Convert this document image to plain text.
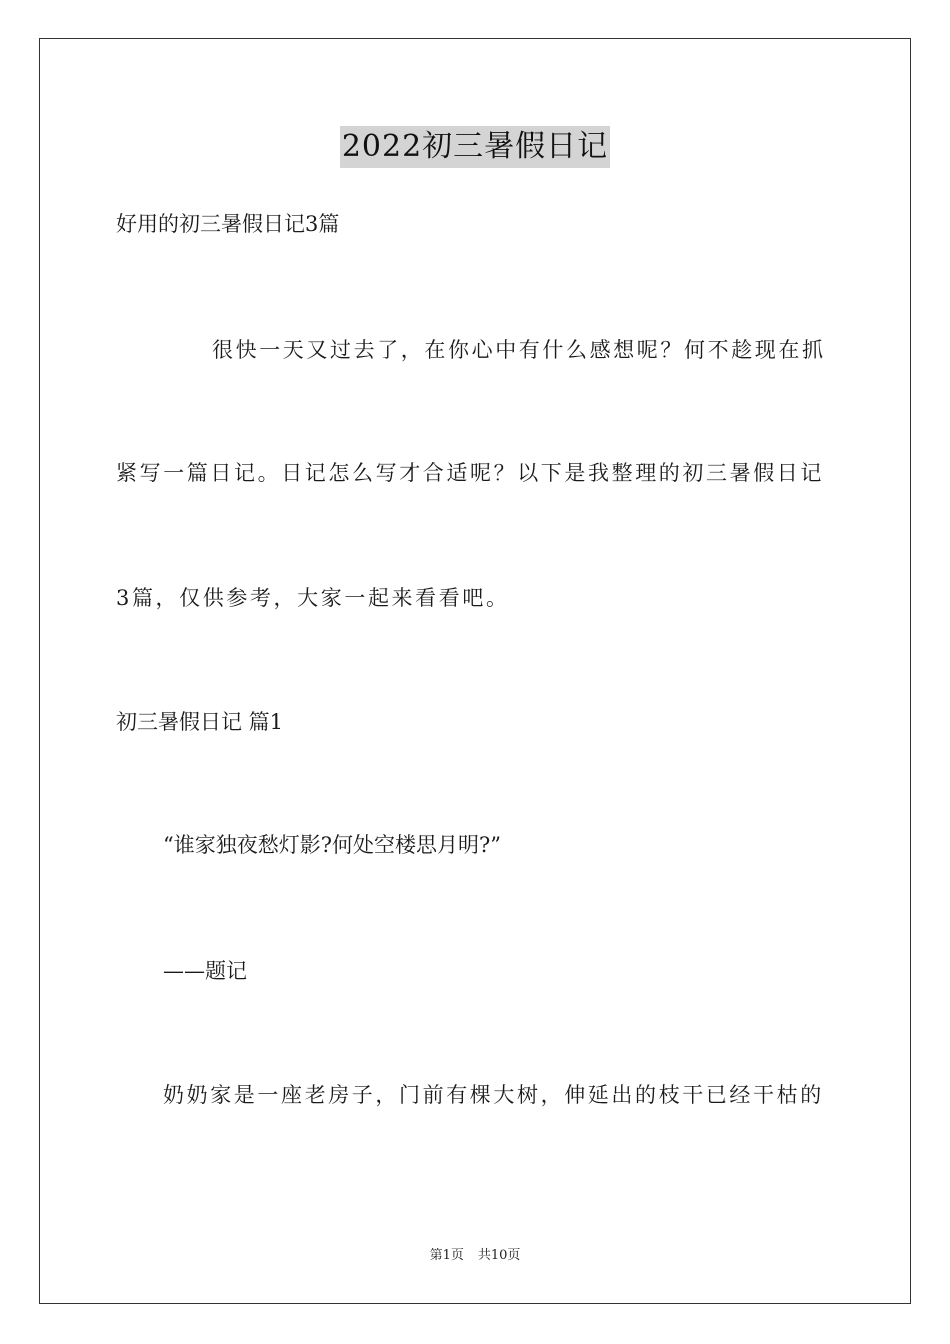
2022初三暑假日记
好用的初三暑假日记3篇
很快一天又过去了，在你心中有什么感想呢？何不趁现在抓
紧写一篇日记。日记怎么写才合适呢？以下是我整理的初三暑假日记
3篇，仅供参考，大家一起来看看吧。
初三暑假日记 篇1
“谁家独夜愁灯影?何处空楼思月明?”
——题记
奶奶家是一座老房子，门前有棵大树，伸延出的枝干已经干枯的
第1页 共10页
